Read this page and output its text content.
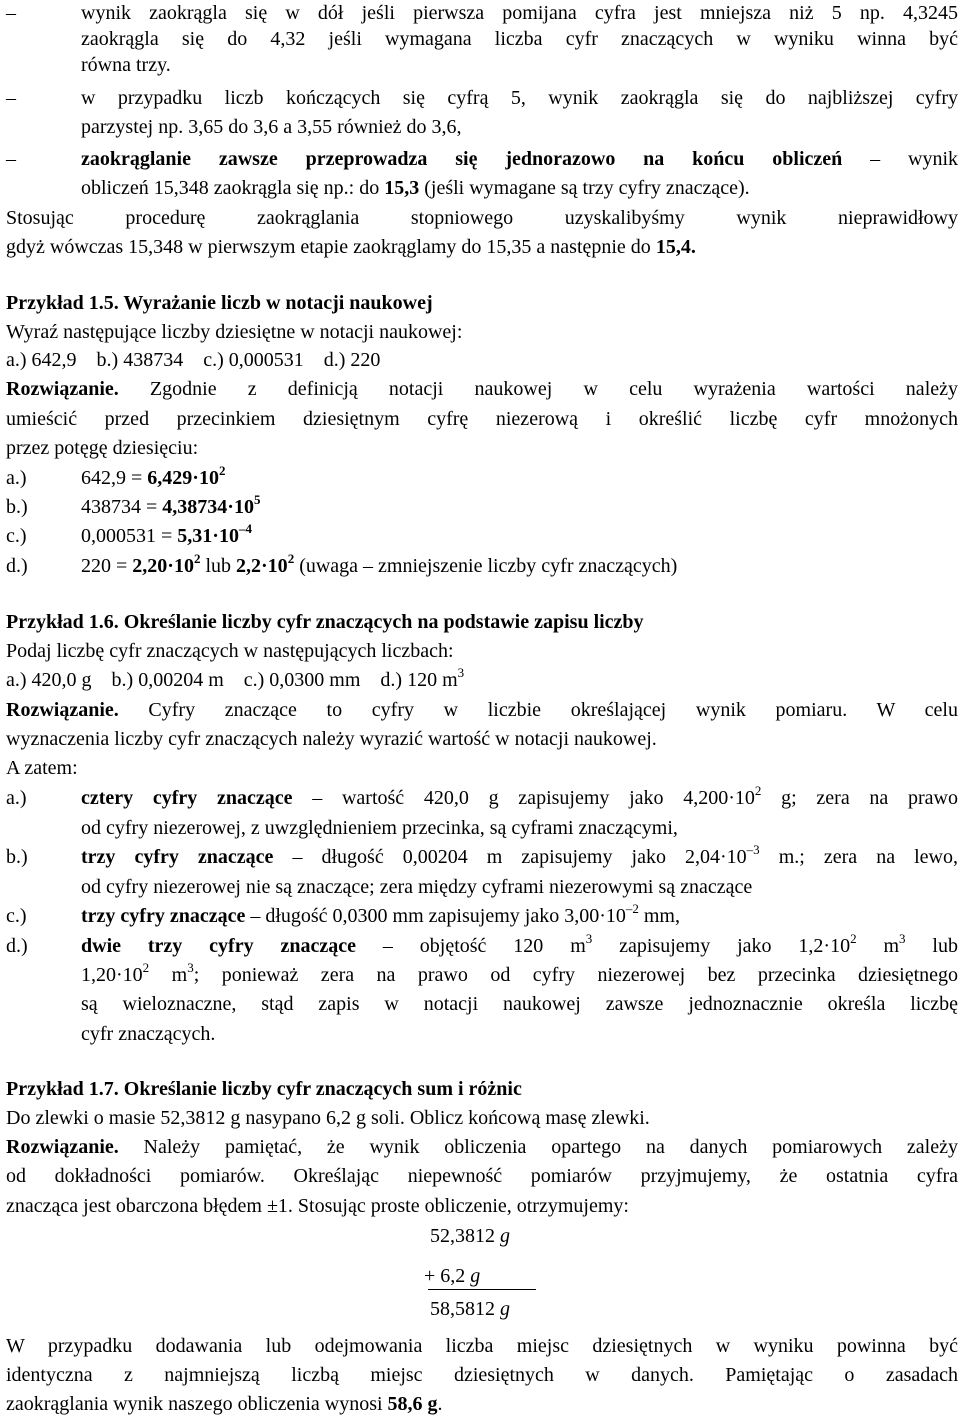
–	wynik zaokrągla się w dół jeśli pierwsza pomijana cyfra jest mniejsza niż 5 np. 4,3245
zaokrągla się do 4,32 jeśli wymagana liczba cyfr znaczących w wyniku winna być
równa trzy.
–	w przypadku liczb kończących się cyfrą 5, wynik zaokrągla się do najbliższej cyfry
parzystej np. 3,65 do 3,6 a 3,55 również do 3,6,
–	zaokrąglanie zawsze przeprowadza się jednorazowo na końcu obliczeń – wynik
obliczeń 15,348 zaokrągla się np.: do 15,3 (jeśli wymagane są trzy cyfry znaczące).
Stosując procedurę zaokrąglania stopniowego uzyskalibyśmy wynik nieprawidłowy
gdyż wówczas 15,348 w pierwszym etapie zaokrąglamy do 15,35 a następnie do 15,4.
Przykład 1.5. Wyrażanie liczb w notacji naukowej
Wyraź następujące liczby dziesiętne w notacji naukowej:
a.) 642,9    b.) 438734    c.) 0,000531    d.) 220
Rozwiązanie. Zgodnie z definicją notacji naukowej w celu wyrażenia wartości należy
umieścić przed przecinkiem dziesiętnym cyfrę niezerową i określić liczbę cyfr mnożonych
przez potęgę dziesięciu:
a.)	$642,9 = 6,429\cdot 10^2$
b.)	$438734 = 4,38734\cdot 10^5$
c.)	$0,000531 = 5,31\cdot 10^{-4}$
d.)	$220 = 2,20\cdot 10^2$ lub $2,2\cdot 10^2$ (uwaga – zmniejszenie liczby cyfr znaczących)
Przykład 1.6. Określanie liczby cyfr znaczących na podstawie zapisu liczby
Podaj liczbę cyfr znaczących w następujących liczbach:
a.) 420,0 g    b.) 0,00204 m    c.) 0,0300 mm    d.) 120 $m^3$
Rozwiązanie. Cyfry znaczące to cyfry w liczbie określającej wynik pomiaru. W celu
wyznaczenia liczby cyfr znaczących należy wyrazić wartość w notacji naukowej.
A zatem:
a.)	cztery cyfry znaczące – wartość 420,0 g zapisujemy jako $4,200\cdot 10^2$ g; zera na prawo
od cyfry niezerowej, z uwzględnieniem przecinka, są cyframi znaczącymi,
b.)	trzy cyfry znaczące – długość 0,00204 m zapisujemy jako $2,04\cdot 10^{-3}$ m.; zera na lewo,
od cyfry niezerowej nie są znaczące; zera między cyframi niezerowymi są znaczące
c.)	trzy cyfry znaczące – długość 0,0300 mm zapisujemy jako $3,00\cdot 10^{-2}$ mm,
d.)	dwie trzy cyfry znaczące – objętość 120 $m^3$ zapisujemy jako $1,2\cdot 10^2$ $m^3$ lub
$1,20\cdot 10^2$ $m^3$; ponieważ zera na prawo od cyfry niezerowej bez przecinka dziesiętnego
są wieloznaczne, stąd zapis w notacji naukowej zawsze jednoznacznie określa liczbę
cyfr znaczących.
Przykład 1.7. Określanie liczby cyfr znaczących sum i różnic
Do zlewki o masie 52,3812 g nasypano 6,2 g soli. Oblicz końcową masę zlewki.
Rozwiązanie. Należy pamiętać, że wynik obliczenia opartego na danych pomiarowych zależy
od dokładności pomiarów. Określając niepewność pomiarów przyjmujemy, że ostatnia cyfra
znacząca jest obarczona błędem ±1. Stosując proste obliczenie, otrzymujemy:
52,3812 g
+ 6,2 g
58,5812 g
W przypadku dodawania lub odejmowania liczba miejsc dziesiętnych w wyniku powinna być
identyczna z najmniejszą liczbą miejsc dziesiętnych w danych. Pamiętając o zasadach
zaokrąglania wynik naszego obliczenia wynosi 58,6 g.
